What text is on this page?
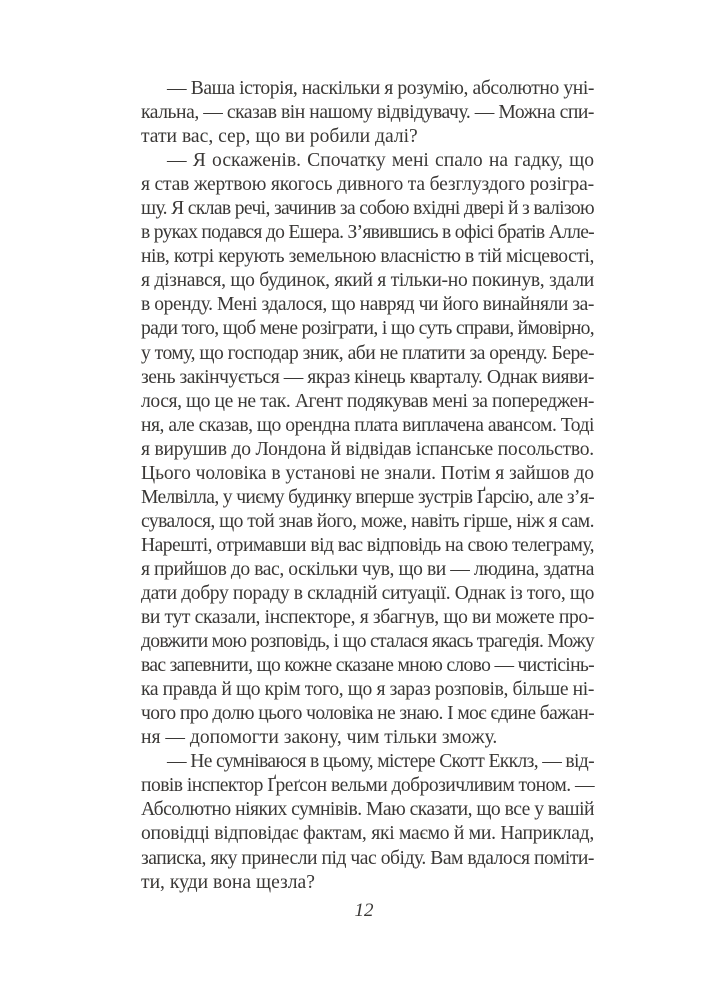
— Ваша історія, наскільки я розумію, абсолютно уні-
кальна, — сказав він нашому відвідувачу. — Можна спи-
тати вас, сер, що ви робили далі?
— Я оскаженів. Спочатку мені спало на гадку, що
я став жертвою якогось дивного та безглуздого розігра-
шу. Я склав речі, зачинив за собою вхідні двері й з валізою
в руках подався до Ешера. З’явившись в офісі братів Алле-
нів, котрі керують земельною власністю в тій місцевості,
я дізнався, що будинок, який я тільки-но покинув, здали
в оренду. Мені здалося, що навряд чи його винайняли за-
ради того, щоб мене розіграти, і що суть справи, ймовірно,
у тому, що господар зник, аби не платити за оренду. Бере-
зень закінчується — якраз кінець кварталу. Однак вияви-
лося, що це не так. Агент подякував мені за попереджен-
ня, але сказав, що орендна плата виплачена авансом. Тоді
я вирушив до Лондона й відвідав іспанське посольство.
Цього чоловіка в установі не знали. Потім я зайшов до
Мелвілла, у чиєму будинку вперше зустрів Ґарсію, але з’я-
сувалося, що той знав його, може, навіть гірше, ніж я сам.
Нарешті, отримавши від вас відповідь на свою телеграму,
я прийшов до вас, оскільки чув, що ви — людина, здатна
дати добру пораду в складній ситуації. Однак із того, що
ви тут сказали, інспекторе, я збагнув, що ви можете про-
довжити мою розповідь, і що сталася якась трагедія. Можу
вас запевнити, що кожне сказане мною слово — чистісінь-
ка правда й що крім того, що я зараз розповів, більше ні-
чого про долю цього чоловіка не знаю. І моє єдине бажан-
ня — допомогти закону, чим тільки зможу.
— Не сумніваюся в цьому, містере Скотт Екклз, — від-
повів інспектор Ґреґсон вельми доброзичливим тоном. —
Абсолютно ніяких сумнівів. Маю сказати, що все у вашій
оповідці відповідає фактам, які маємо й ми. Наприклад,
записка, яку принесли під час обіду. Вам вдалося поміти-
ти, куди вона щезла?
12
